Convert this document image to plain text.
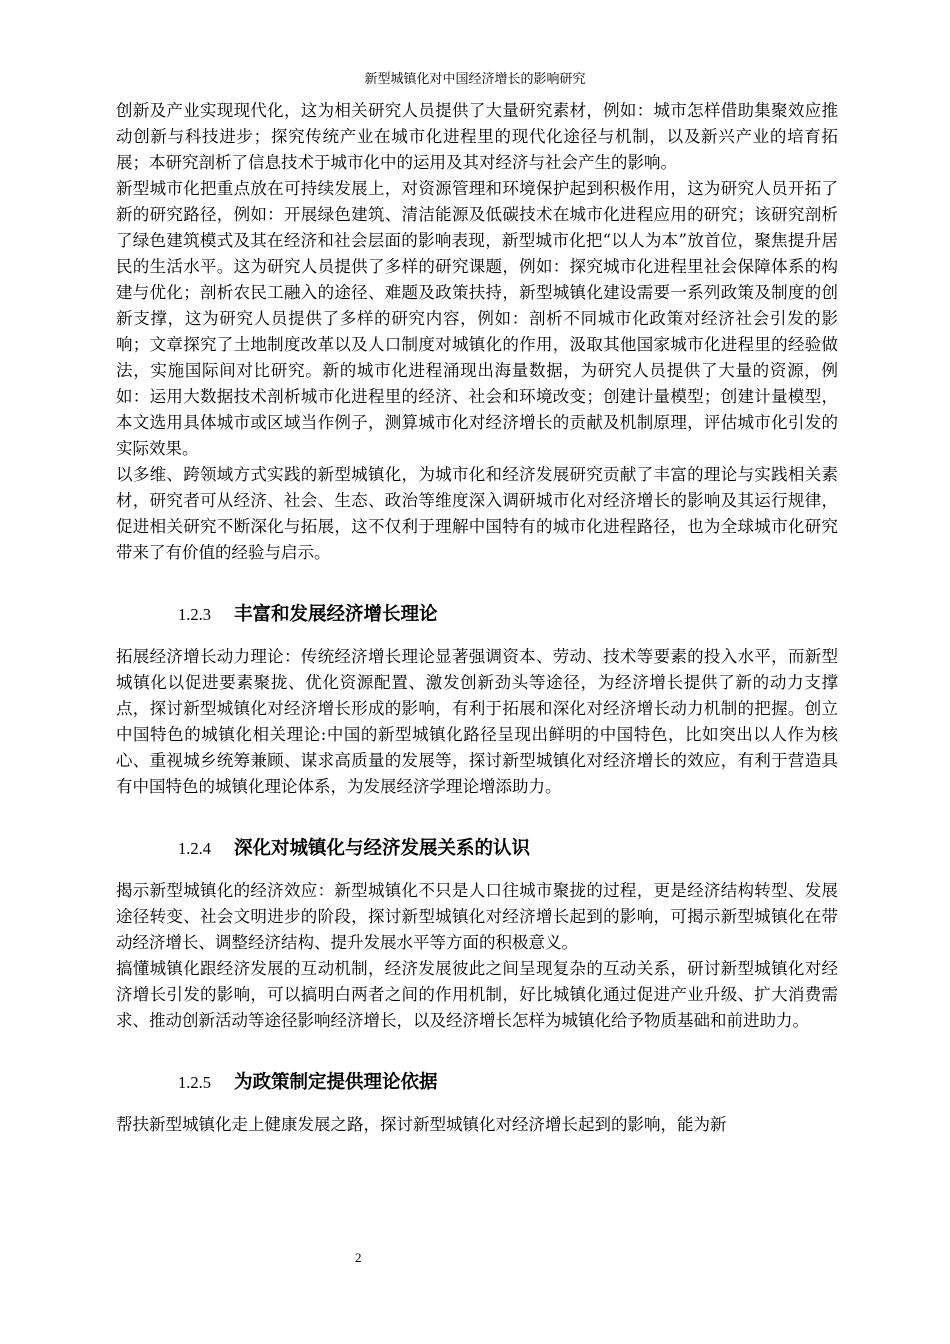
新型城镇化对中国经济增长的影响研究

创新及产业实现现代化，这为相关研究人员提供了大量研究素材，例如：城市怎样借助集聚效应推动创新与科技进步；探究传统产业在城市化进程里的现代化途径与机制，以及新兴产业的培育拓展；本研究剖析了信息技术于城市化中的运用及其对经济与社会产生的影响。

新型城市化把重点放在可持续发展上，对资源管理和环境保护起到积极作用，这为研究人员开拓了新的研究路径，例如：开展绿色建筑、清洁能源及低碳技术在城市化进程应用的研究；该研究剖析了绿色建筑模式及其在经济和社会层面的影响表现，新型城市化把“以人为本”放首位，聚焦提升居民的生活水平。这为研究人员提供了多样的研究课题，例如：探究城市化进程里社会保障体系的构建与优化；剖析农民工融入的途径、难题及政策扶持，新型城镇化建设需要一系列政策及制度的创新支撑，这为研究人员提供了多样的研究内容，例如：剖析不同城市化政策对经济社会引发的影响；文章探究了土地制度改革以及人口制度对城镇化的作用，汲取其他国家城市化进程里的经验做法，实施国际间对比研究。新的城市化进程涌现出海量数据，为研究人员提供了大量的资源，例如：运用大数据技术剖析城市化进程里的经济、社会和环境改变；创建计量模型；创建计量模型，本文选用具体城市或区域当作例子，测算城市化对经济增长的贡献及机制原理，评估城市化引发的实际效果。

以多维、跨领域方式实践的新型城镇化，为城市化和经济发展研究贡献了丰富的理论与实践相关素材，研究者可从经济、社会、生态、政治等维度深入调研城市化对经济增长的影响及其运行规律，促进相关研究不断深化与拓展，这不仅利于理解中国特有的城市化进程路径，也为全球城市化研究带来了有价值的经验与启示。

1.2.3 丰富和发展经济增长理论

拓展经济增长动力理论：传统经济增长理论显著强调资本、劳动、技术等要素的投入水平，而新型城镇化以促进要素聚拢、优化资源配置、激发创新劲头等途径，为经济增长提供了新的动力支撑点，探讨新型城镇化对经济增长形成的影响，有利于拓展和深化对经济增长动力机制的把握。创立中国特色的城镇化相关理论:中国的新型城镇化路径呈现出鲜明的中国特色，比如突出以人作为核心、重视城乡统筹兼顾、谋求高质量的发展等，探讨新型城镇化对经济增长的效应，有利于营造具有中国特色的城镇化理论体系，为发展经济学理论增添助力。

1.2.4 深化对城镇化与经济发展关系的认识

揭示新型城镇化的经济效应：新型城镇化不只是人口往城市聚拢的过程，更是经济结构转型、发展途径转变、社会文明进步的阶段，探讨新型城镇化对经济增长起到的影响，可揭示新型城镇化在带动经济增长、调整经济结构、提升发展水平等方面的积极意义。

搞懂城镇化跟经济发展的互动机制，经济发展彼此之间呈现复杂的互动关系，研讨新型城镇化对经济增长引发的影响，可以搞明白两者之间的作用机制，好比城镇化通过促进产业升级、扩大消费需求、推动创新活动等途径影响经济增长，以及经济增长怎样为城镇化给予物质基础和前进助力。

1.2.5 为政策制定提供理论依据

帮扶新型城镇化走上健康发展之路，探讨新型城镇化对经济增长起到的影响，能为新

2
